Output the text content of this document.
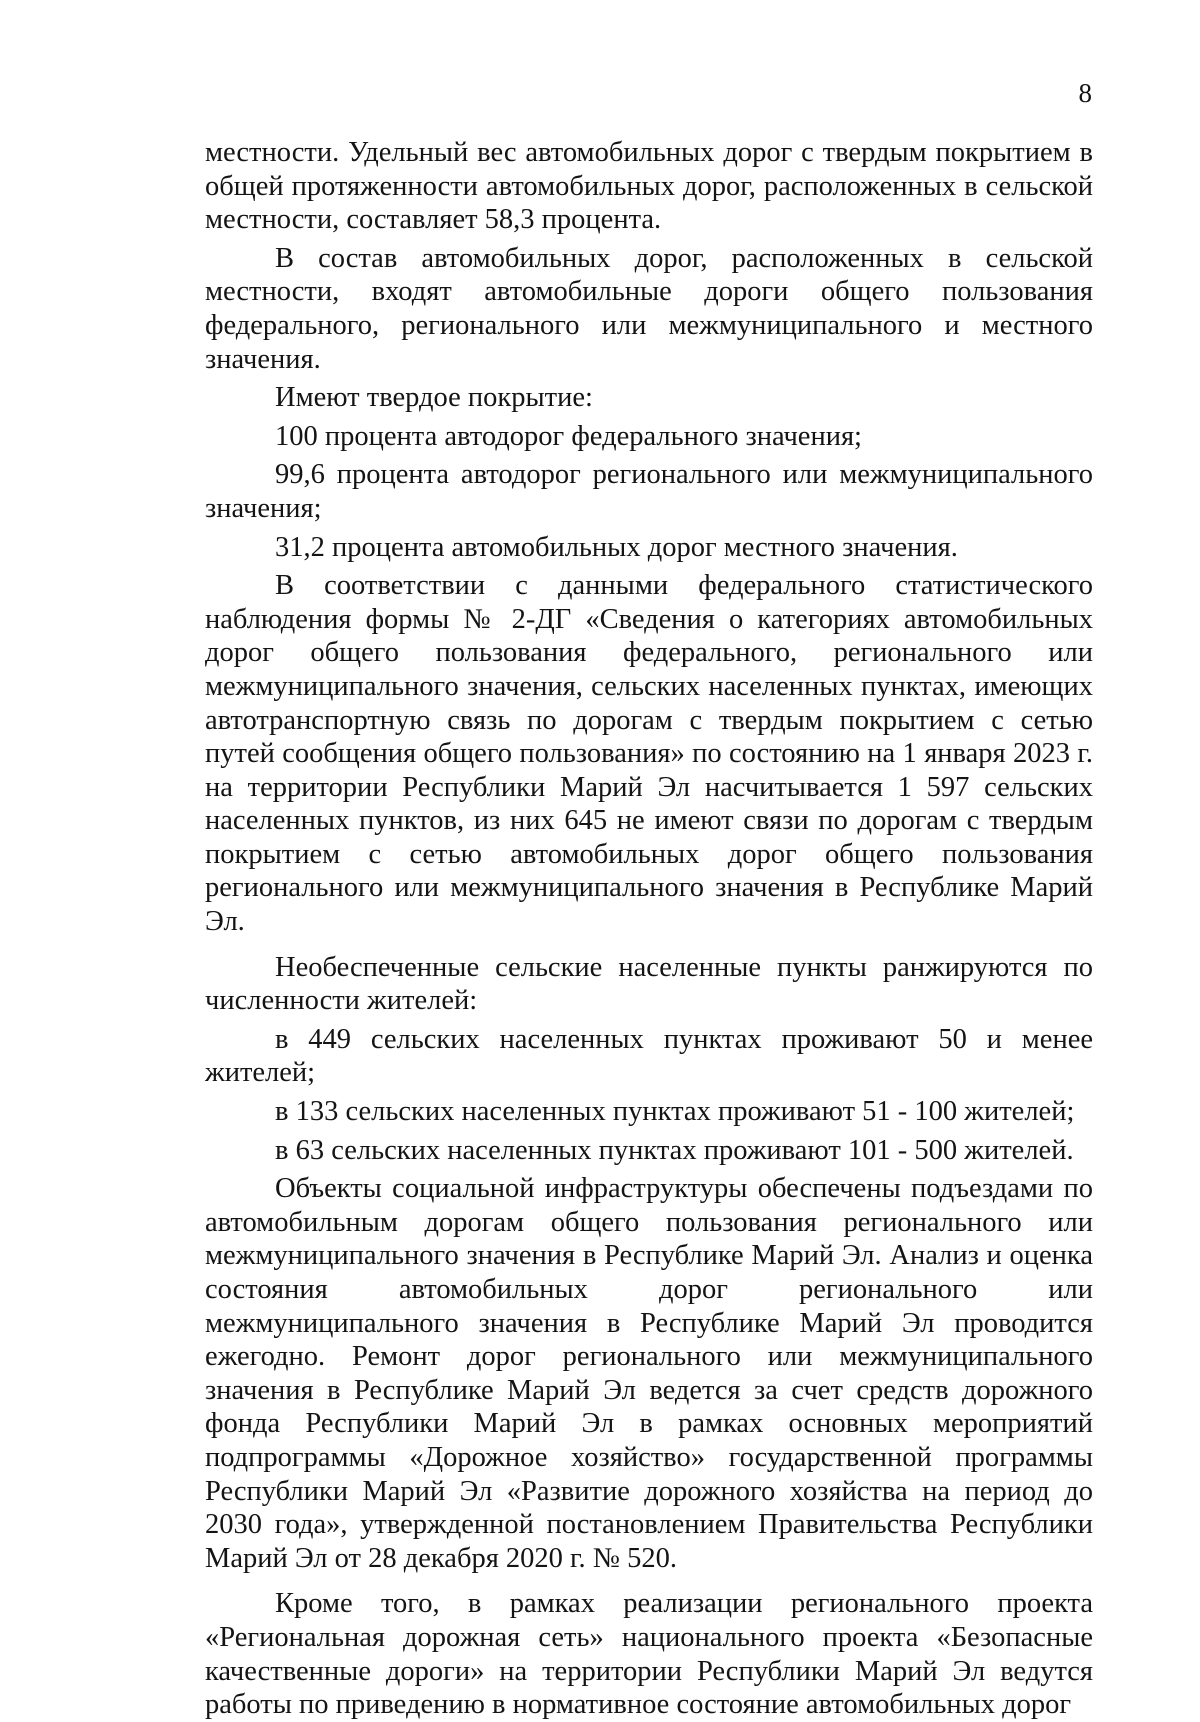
8

местности. Удельный вес автомобильных дорог с твердым покрытием в общей протяженности автомобильных дорог, расположенных в сельской местности, составляет 58,3 процента.

В состав автомобильных дорог, расположенных в сельской местности, входят автомобильные дороги общего пользования федерального, регионального или межмуниципального и местного значения.

Имеют твердое покрытие:

100 процента автодорог федерального значения;

99,6 процента автодорог регионального или межмуниципального значения;

31,2 процента автомобильных дорог местного значения.

В соответствии с данными федерального статистического наблюдения формы № 2-ДГ «Сведения о категориях автомобильных дорог общего пользования федерального, регионального или межмуниципального значения, сельских населенных пунктах, имеющих автотранспортную связь по дорогам с твердым покрытием с сетью путей сообщения общего пользования» по состоянию на 1 января 2023 г. на территории Республики Марий Эл насчитывается 1 597 сельских населенных пунктов, из них 645 не имеют связи по дорогам с твердым покрытием с сетью автомобильных дорог общего пользования регионального или межмуниципального значения в Республике Марий Эл.

Необеспеченные сельские населенные пункты ранжируются по численности жителей:

в 449 сельских населенных пунктах проживают 50 и менее жителей;

в 133 сельских населенных пунктах проживают 51 - 100 жителей;

в 63 сельских населенных пунктах проживают 101 - 500 жителей.

Объекты социальной инфраструктуры обеспечены подъездами по автомобильным дорогам общего пользования регионального или межмуниципального значения в Республике Марий Эл. Анализ и оценка состояния автомобильных дорог регионального или межмуниципального значения в Республике Марий Эл проводится ежегодно. Ремонт дорог регионального или межмуниципального значения в Республике Марий Эл ведется за счет средств дорожного фонда Республики Марий Эл в рамках основных мероприятий подпрограммы «Дорожное хозяйство» государственной программы Республики Марий Эл «Развитие дорожного хозяйства на период до 2030 года», утвержденной постановлением Правительства Республики Марий Эл от 28 декабря 2020 г. № 520.

Кроме того, в рамках реализации регионального проекта «Региональная дорожная сеть» национального проекта «Безопасные качественные дороги» на территории Республики Марий Эл ведутся работы по приведению в нормативное состояние автомобильных дорог
